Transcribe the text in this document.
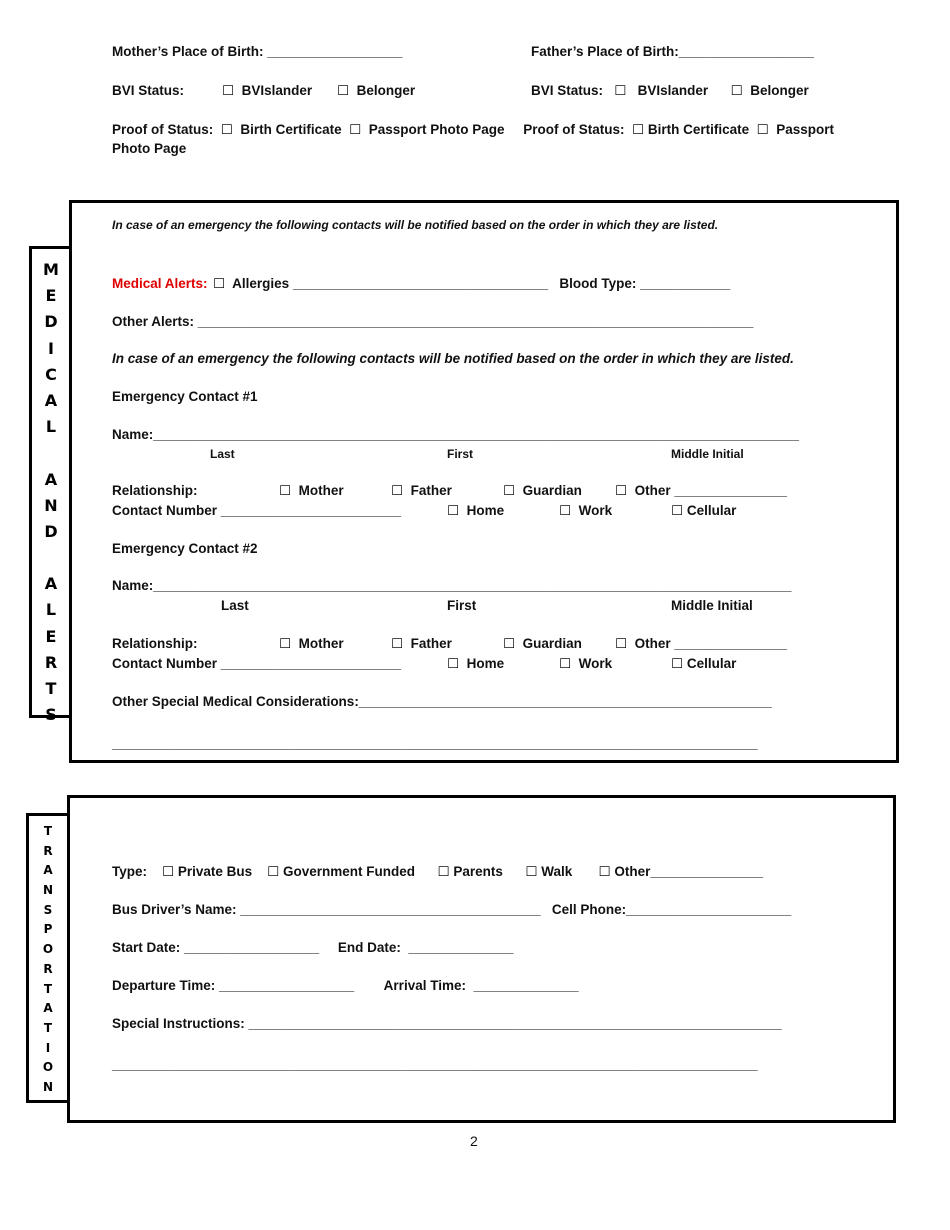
Mother’s Place of Birth: __________________	Father’s Place of Birth:__________________
BVI Status:	☐  BVIslander ☐  Belonger	BVI Status:   ☐   BVIslander      ☐  Belonger
Proof of Status:  ☐  Birth Certificate  ☐  Passport Photo Page     Proof of Status:  ☐ Birth Certificate  ☐  Passport
Photo Page
M
E
D
I
C
A
L
A
N
D
A
L
E
R
T
S
In case of an emergency the following contacts will be notified based on the order in which they are listed.
Medical Alerts: ☐  Allergies __________________________________   Blood Type: ____________
Other Alerts: __________________________________________________________________________
In case of an emergency the following contacts will be notified based on the order in which they are listed.
Emergency Contact #1
Name:______________________________________________________________________________________
Last	First	Middle Initial
Relationship:	☐  Mother	☐  Father	☐  Guardian ☐  Other _______________
Contact Number ________________________	☐  Home	☐  Work	☐ Cellular
Emergency Contact #2
Name:_____________________________________________________________________________________
Last	First	Middle Initial
Relationship:	☐  Mother	☐  Father	☐  Guardian ☐  Other _______________
Contact Number ________________________	☐  Home	☐  Work	☐ Cellular
Other Special Medical Considerations:_______________________________________________________
______________________________________________________________________________________
T
R
A
N
S
P
O
R
T
A
T
I
O
N
Type:    ☐ Private Bus    ☐ Government Funded      ☐ Parents      ☐ Walk       ☐ Other_______________
Bus Driver’s Name: ________________________________________   Cell Phone:______________________
Start Date: __________________     End Date:  ______________
Departure Time: __________________        Arrival Time:  ______________
Special Instructions: _______________________________________________________________________
______________________________________________________________________________________
2
